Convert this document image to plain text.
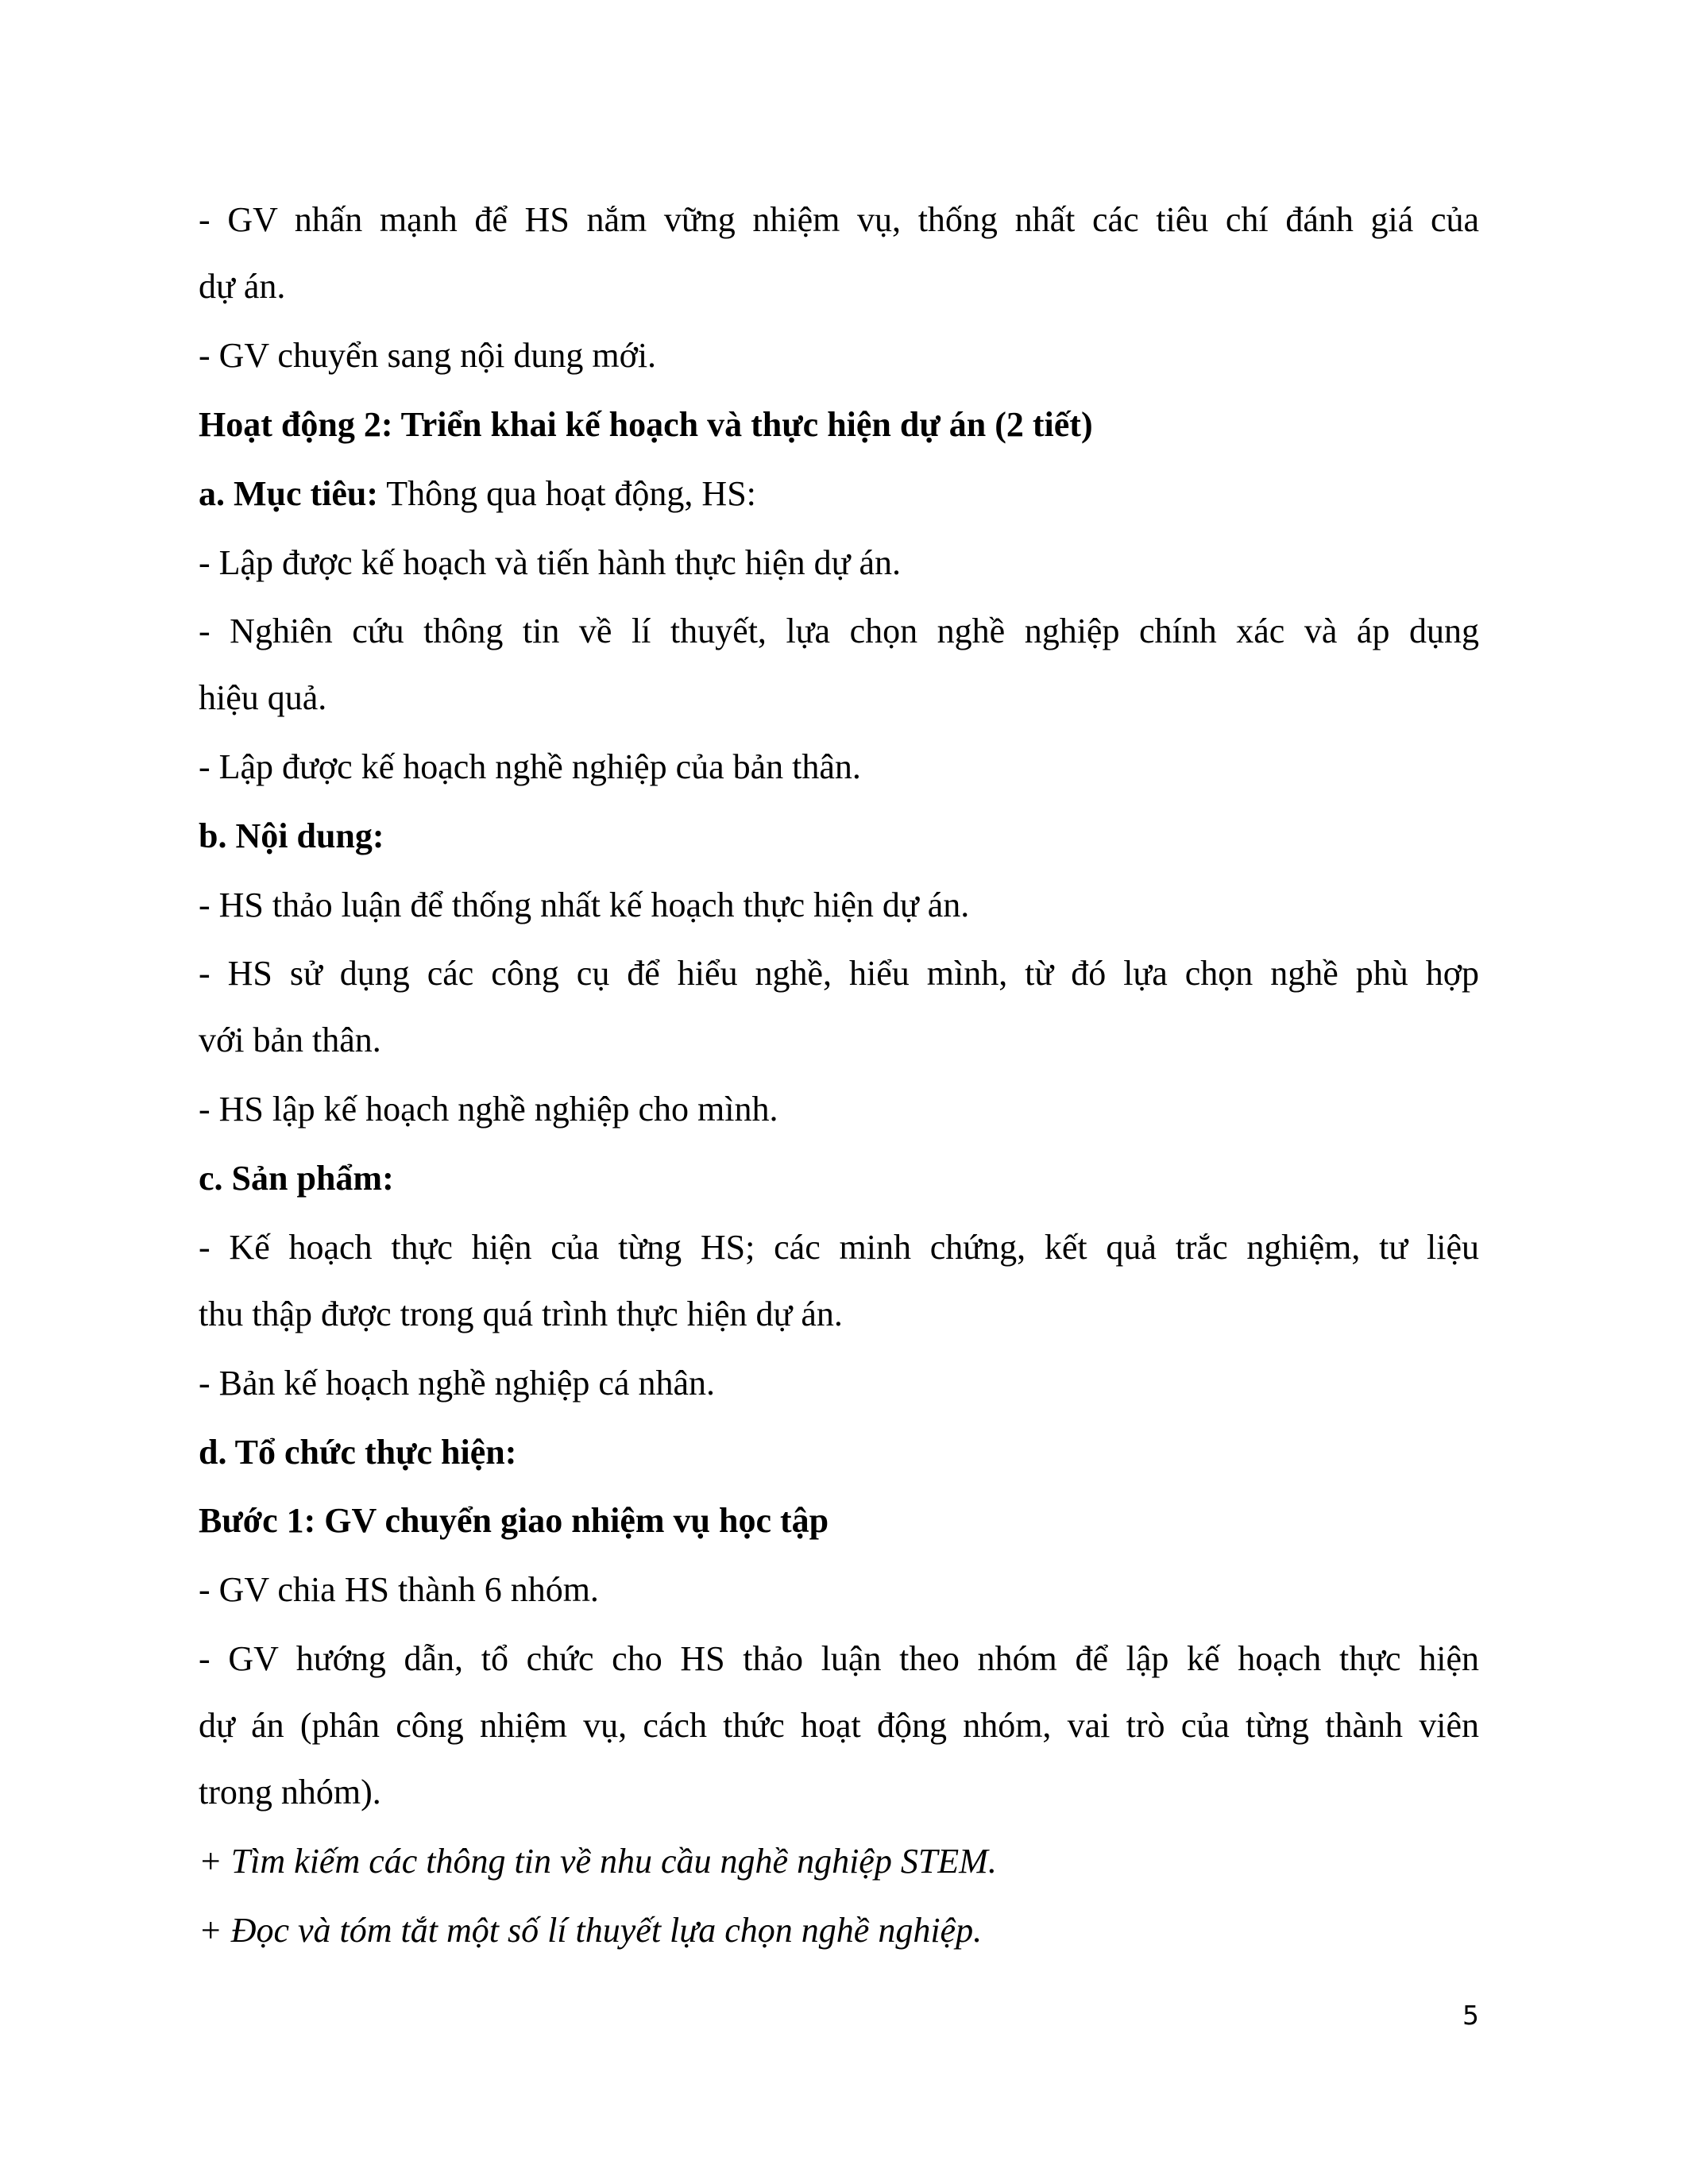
- GV nhấn mạnh để HS nắm vững nhiệm vụ, thống nhất các tiêu chí đánh giá của
dự án.
- GV chuyển sang nội dung mới.
Hoạt động 2: Triển khai kế hoạch và thực hiện dự án (2 tiết)
a. Mục tiêu: Thông qua hoạt động, HS:
- Lập được kế hoạch và tiến hành thực hiện dự án.
- Nghiên cứu thông tin về lí thuyết, lựa chọn nghề nghiệp chính xác và áp dụng
hiệu quả.
- Lập được kế hoạch nghề nghiệp của bản thân.
b. Nội dung:
- HS thảo luận để thống nhất kế hoạch thực hiện dự án.
- HS sử dụng các công cụ để hiểu nghề, hiểu mình, từ đó lựa chọn nghề phù hợp
với bản thân.
- HS lập kế hoạch nghề nghiệp cho mình.
c. Sản phẩm:
- Kế hoạch thực hiện của từng HS; các minh chứng, kết quả trắc nghiệm, tư liệu
thu thập được trong quá trình thực hiện dự án.
- Bản kế hoạch nghề nghiệp cá nhân.
d. Tổ chức thực hiện:
Bước 1: GV chuyển giao nhiệm vụ học tập
- GV chia HS thành 6 nhóm.
- GV hướng dẫn, tổ chức cho HS thảo luận theo nhóm để lập kế hoạch thực hiện
dự án (phân công nhiệm vụ, cách thức hoạt động nhóm, vai trò của từng thành viên
trong nhóm).
+ Tìm kiếm các thông tin về nhu cầu nghề nghiệp STEM.
+ Đọc và tóm tắt một số lí thuyết lựa chọn nghề nghiệp.
5
